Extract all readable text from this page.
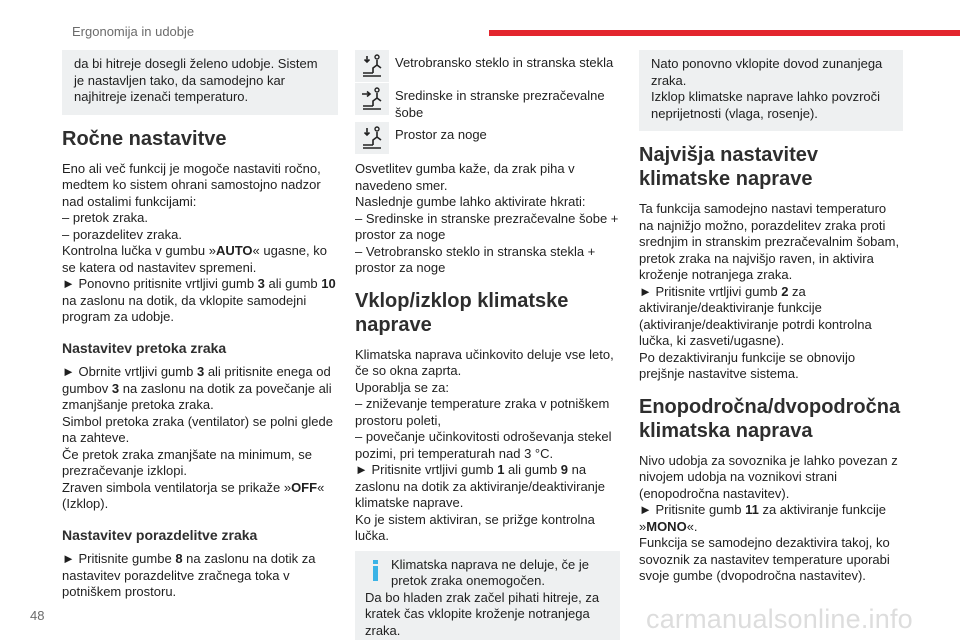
Ergonomija in udobje

da bi hitreje dosegli želeno udobje. Sistem je nastavljen tako, da samodejno kar najhitreje izenači temperaturo.

Ročne nastavitve

Eno ali več funkcij je mogoče nastaviti ročno,

medtem ko sistem ohrani samostojno nadzor

nad ostalimi funkcijami:

– pretok zraka.

– porazdelitev zraka.

Kontrolna lučka v gumbu »AUTO« ugasne, ko se katera od nastavitev spremeni.

► Ponovno pritisnite vrtljivi gumb 3 ali gumb 10 na zaslonu na dotik, da vklopite samodejni program za udobje.

Nastavitev pretoka zraka

► Obrnite vrtljivi gumb 3 ali pritisnite enega od gumbov 3 na zaslonu na dotik za povečanje ali zmanjšanje pretoka zraka.

Simbol pretoka zraka (ventilator) se polni glede na zahteve.

Če pretok zraka zmanjšate na minimum, se prezračevanje izklopi.

Zraven simbola ventilatorja se prikaže »OFF« (Izklop).

Nastavitev porazdelitve zraka

► Pritisnite gumbe 8 na zaslonu na dotik za nastavitev porazdelitve zračnega toka v potniškem prostoru.

Vetrobransko steklo in stranska stekla
Sredinske in stranske prezračevalne šobe
Prostor za noge

Osvetlitev gumba kaže, da zrak piha v navedeno smer.

Naslednje gumbe lahko aktivirate hkrati:

– Sredinske in stranske prezračevalne šobe + prostor za noge

– Vetrobransko steklo in stranska stekla + prostor za noge

Vklop/izklop klimatske naprave

Klimatska naprava učinkovito deluje vse leto, če so okna zaprta.

Uporablja se za:

– zniževanje temperature zraka v potniškem prostoru poleti,

– povečanje učinkovitosti odroševanja stekel pozimi, pri temperaturah nad 3 °C.

► Pritisnite vrtljivi gumb 1 ali gumb 9 na zaslonu na dotik za aktiviranje/deaktiviranje klimatske naprave.

Ko je sistem aktiviran, se prižge kontrolna lučka.

Klimatska naprava ne deluje, če je pretok zraka onemogočen.

Da bo hladen zrak začel pihati hitreje, za kratek čas vklopite kroženje notranjega zraka.

Nato ponovno vklopite dovod zunanjega zraka.

Izklop klimatske naprave lahko povzroči neprijetnosti (vlaga, rosenje).

Najvišja nastavitev klimatske naprave

Ta funkcija samodejno nastavi temperaturo na najnižjo možno, porazdelitev zraka proti srednjim in stranskim prezračevalnim šobam, pretok zraka na najvišjo raven, in aktivira kroženje notranjega zraka.

► Pritisnite vrtljivi gumb 2 za aktiviranje/deaktiviranje funkcije (aktiviranje/deaktiviranje potrdi kontrolna lučka, ki zasveti/ugasne).

Po dezaktiviranju funkcije se obnovijo prejšnje nastavitve sistema.

Enopodročna/dvopodročna klimatska naprava

Nivo udobja za sovoznika je lahko povezan z nivojem udobja na voznikovi strani (enopodročna nastavitev).

► Pritisnite gumb 11 za aktiviranje funkcije »MONO«.

Funkcija se samodejno dezaktivira takoj, ko sovoznik za nastavitev temperature uporabi svoje gumbe (dvopodročna nastavitev).

48	carmanualsonline.info
